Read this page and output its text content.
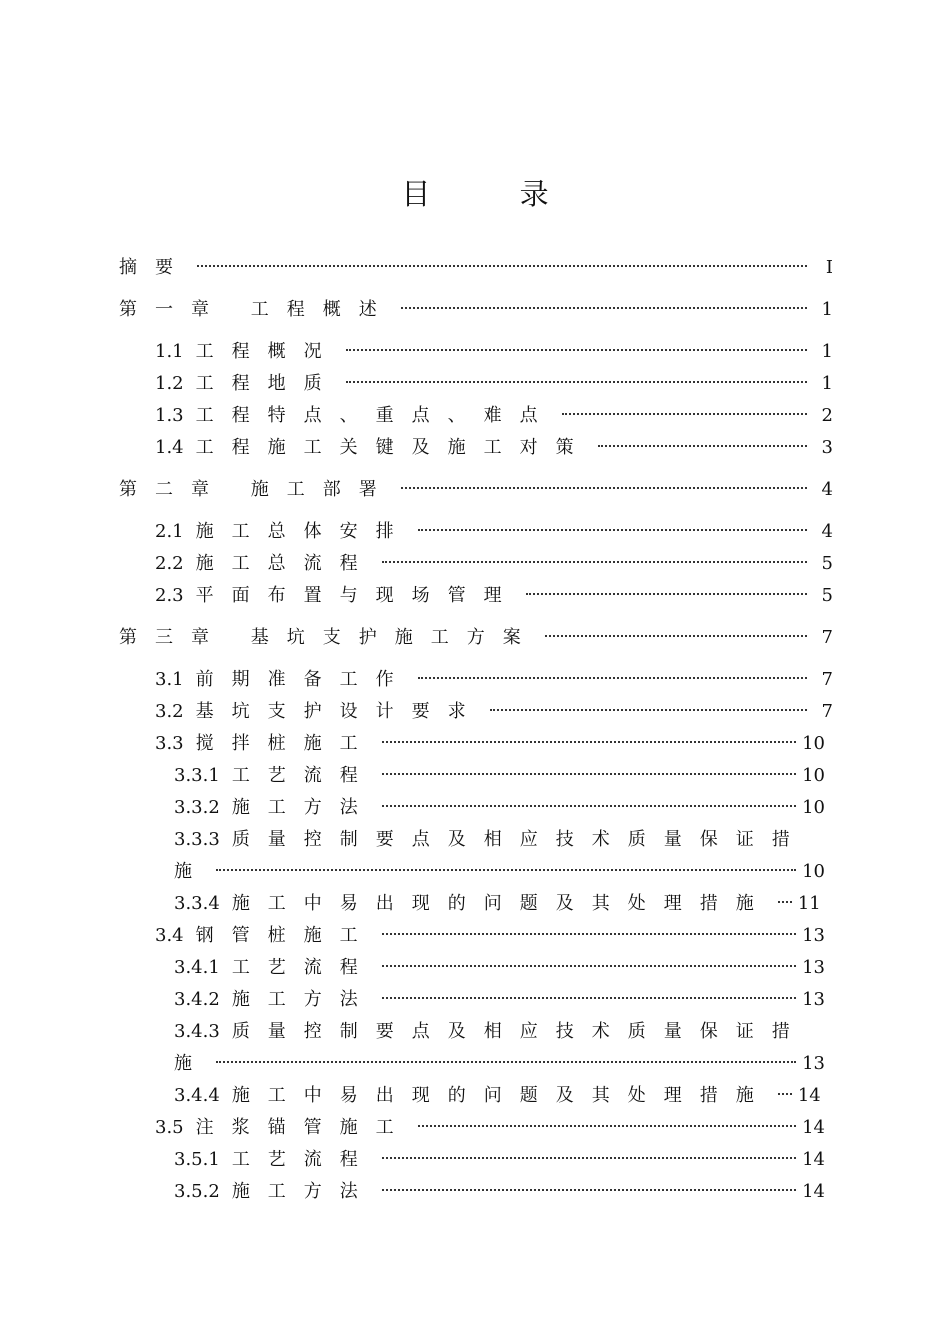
目 录
摘要	I
第一章 工程概述	1
1.1 工程概况	1
1.2 工程地质	1
1.3 工程特点、重点、难点	2
1.4 工程施工关键及施工对策	3
第二章 施工部署	4
2.1 施工总体安排	4
2.2 施工总流程	5
2.3 平面布置与现场管理	5
第三章 基坑支护施工方案	7
3.1 前期准备工作	7
3.2 基坑支护设计要求	7
3.3 搅拌桩施工	10
3.3.1 工艺流程	10
3.3.2 施工方法	10
3.3.3 质量控制要点及相应技术质量保证措
施	10
3.3.4 施工中易出现的问题及其处理措施 11
3.4 钢管桩施工	13
3.4.1 工艺流程	13
3.4.2 施工方法	13
3.4.3 质量控制要点及相应技术质量保证措
施	13
3.4.4 施工中易出现的问题及其处理措施 14
3.5 注浆锚管施工	14
3.5.1 工艺流程	14
3.5.2 施工方法	14
